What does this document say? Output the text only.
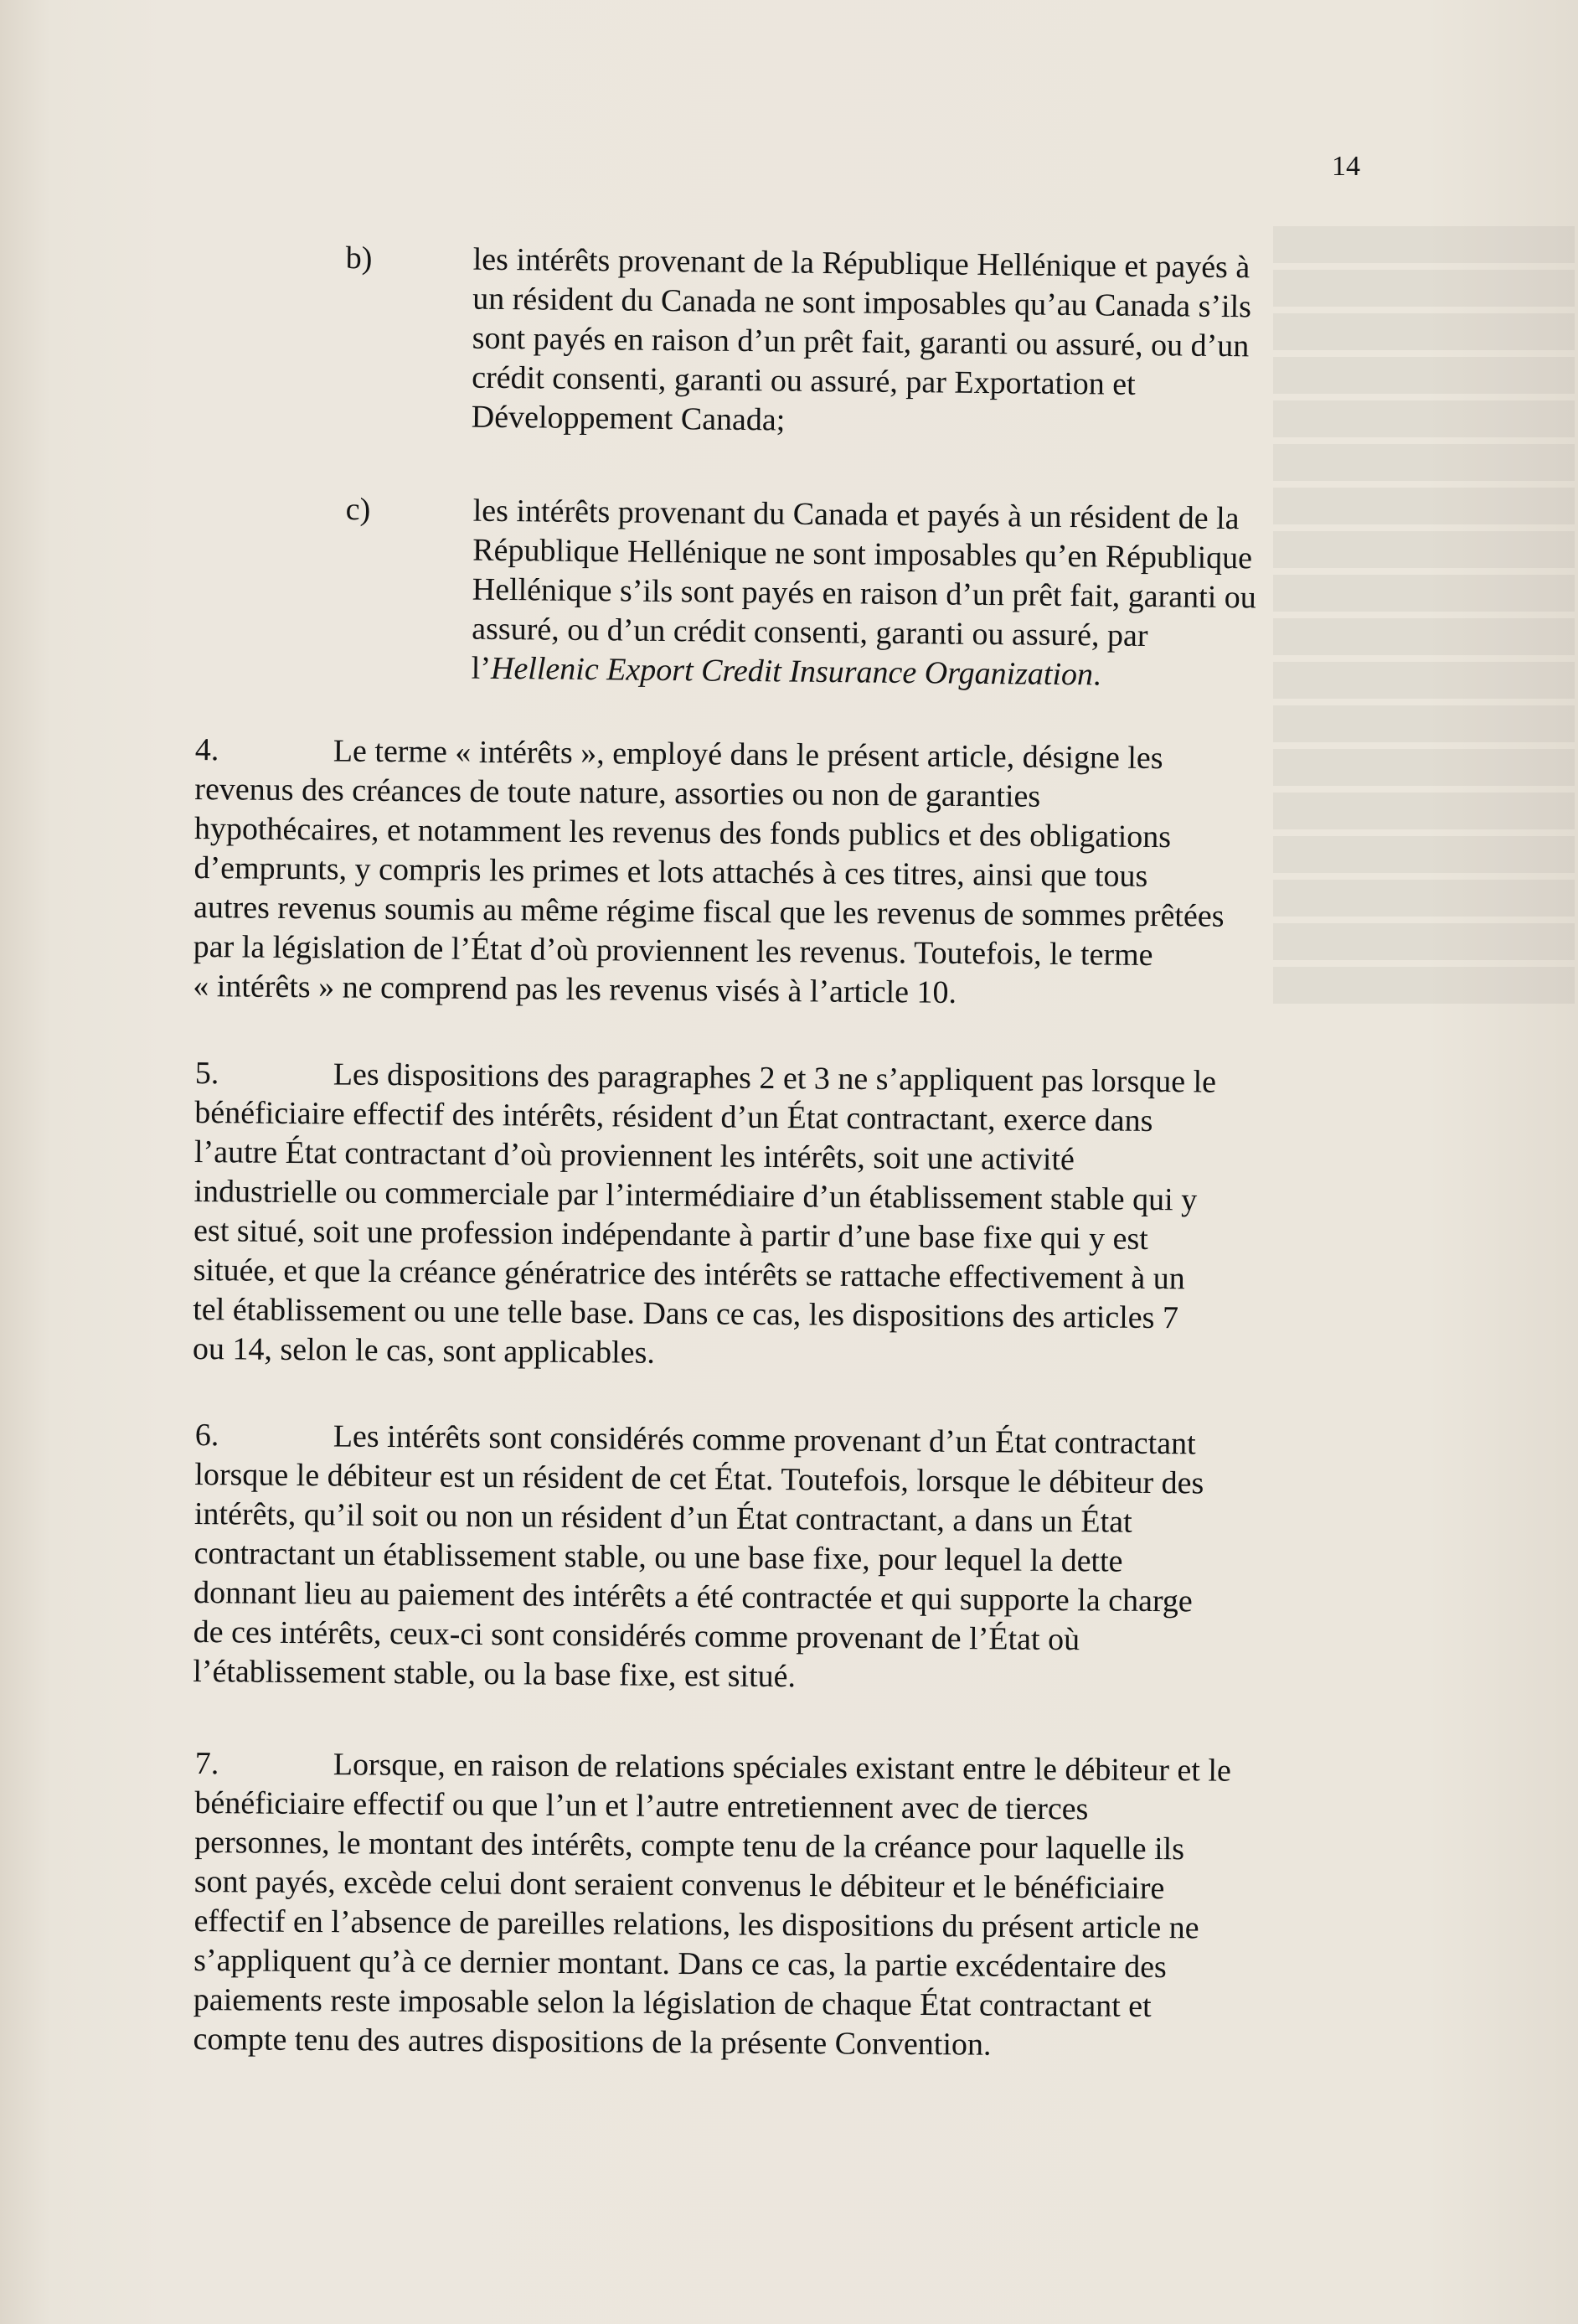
14
b)	les intérêts provenant de la République Hellénique et payés à
un résident du Canada ne sont imposables qu’au Canada s’ils
sont payés en raison d’un prêt fait, garanti ou assuré, ou d’un
crédit consenti, garanti ou assuré, par Exportation et
Développement Canada;
c)	les intérêts provenant du Canada et payés à un résident de la
République Hellénique ne sont imposables qu’en République
Hellénique s’ils sont payés en raison d’un prêt fait, garanti ou
assuré, ou d’un crédit consenti, garanti ou assuré, par
l’Hellenic Export Credit Insurance Organization.
4.	Le terme « intérêts », employé dans le présent article, désigne les
revenus des créances de toute nature, assorties ou non de garanties
hypothécaires, et notamment les revenus des fonds publics et des obligations
d’emprunts, y compris les primes et lots attachés à ces titres, ainsi que tous
autres revenus soumis au même régime fiscal que les revenus de sommes prêtées
par la législation de l’État d’où proviennent les revenus. Toutefois, le terme
« intérêts » ne comprend pas les revenus visés à l’article 10.
5.	Les dispositions des paragraphes 2 et 3 ne s’appliquent pas lorsque le
bénéficiaire effectif des intérêts, résident d’un État contractant, exerce dans
l’autre État contractant d’où proviennent les intérêts, soit une activité
industrielle ou commerciale par l’intermédiaire d’un établissement stable qui y
est situé, soit une profession indépendante à partir d’une base fixe qui y est
située, et que la créance génératrice des intérêts se rattache effectivement à un
tel établissement ou une telle base. Dans ce cas, les dispositions des articles 7
ou 14, selon le cas, sont applicables.
6.	Les intérêts sont considérés comme provenant d’un État contractant
lorsque le débiteur est un résident de cet État. Toutefois, lorsque le débiteur des
intérêts, qu’il soit ou non un résident d’un État contractant, a dans un État
contractant un établissement stable, ou une base fixe, pour lequel la dette
donnant lieu au paiement des intérêts a été contractée et qui supporte la charge
de ces intérêts, ceux-ci sont considérés comme provenant de l’État où
l’établissement stable, ou la base fixe, est situé.
7.	Lorsque, en raison de relations spéciales existant entre le débiteur et le
bénéficiaire effectif ou que l’un et l’autre entretiennent avec de tierces
personnes, le montant des intérêts, compte tenu de la créance pour laquelle ils
sont payés, excède celui dont seraient convenus le débiteur et le bénéficiaire
effectif en l’absence de pareilles relations, les dispositions du présent article ne
s’appliquent qu’à ce dernier montant. Dans ce cas, la partie excédentaire des
paiements reste imposable selon la législation de chaque État contractant et
compte tenu des autres dispositions de la présente Convention.
